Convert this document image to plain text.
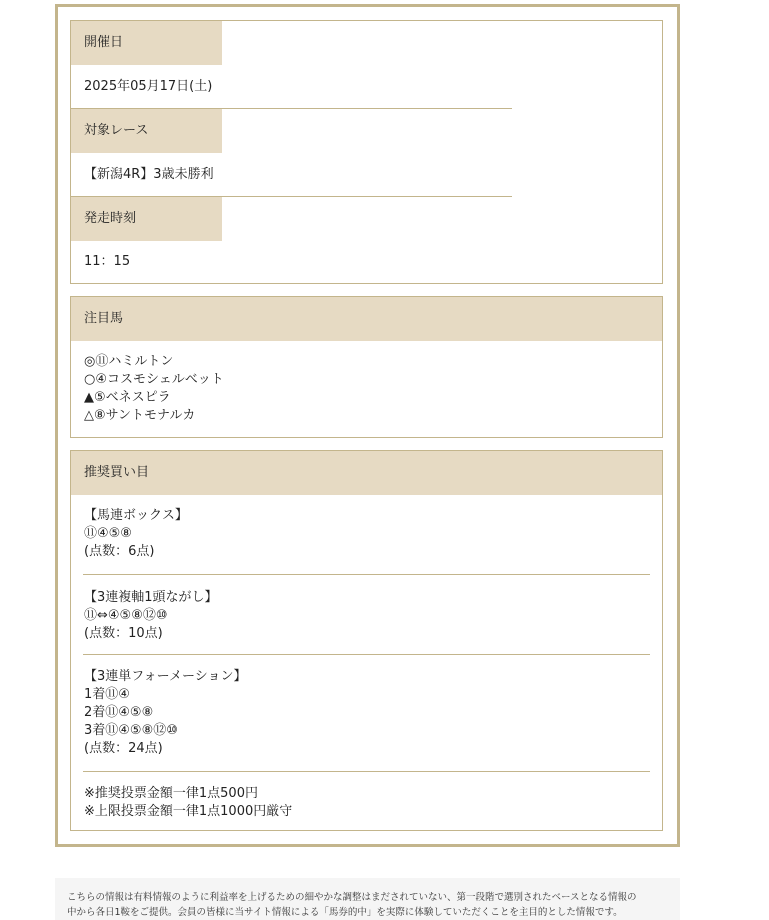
開催日
2025年05月17日(土)
対象レース
【新潟4R】3歳未勝利
発走時刻
11：15
注目馬
◎⑪ハミルトン
○④コスモシェルベット
▲⑤ベネスピラ
△⑧サントモナルカ
推奨買い目
【馬連ボックス】
⑪④⑤⑧
(点数：6点)
【3連複軸1頭ながし】
⑪⇔④⑤⑧⑫⑩
(点数：10点)
【3連単フォーメーション】
1着⑪④
2着⑪④⑤⑧
3着⑪④⑤⑧⑫⑩
(点数：24点)
※推奨投票金額一律1点500円
※上限投票金額一律1点1000円厳守
こちらの情報は有料情報のように利益率を上げるための細やかな調整はまだされていない、第一段階で選別されたベースとなる情報の
中から各日1鞍をご提供。会員の皆様に当サイト情報による「馬券的中」を実際に体験していただくことを主目的とした情報です。
